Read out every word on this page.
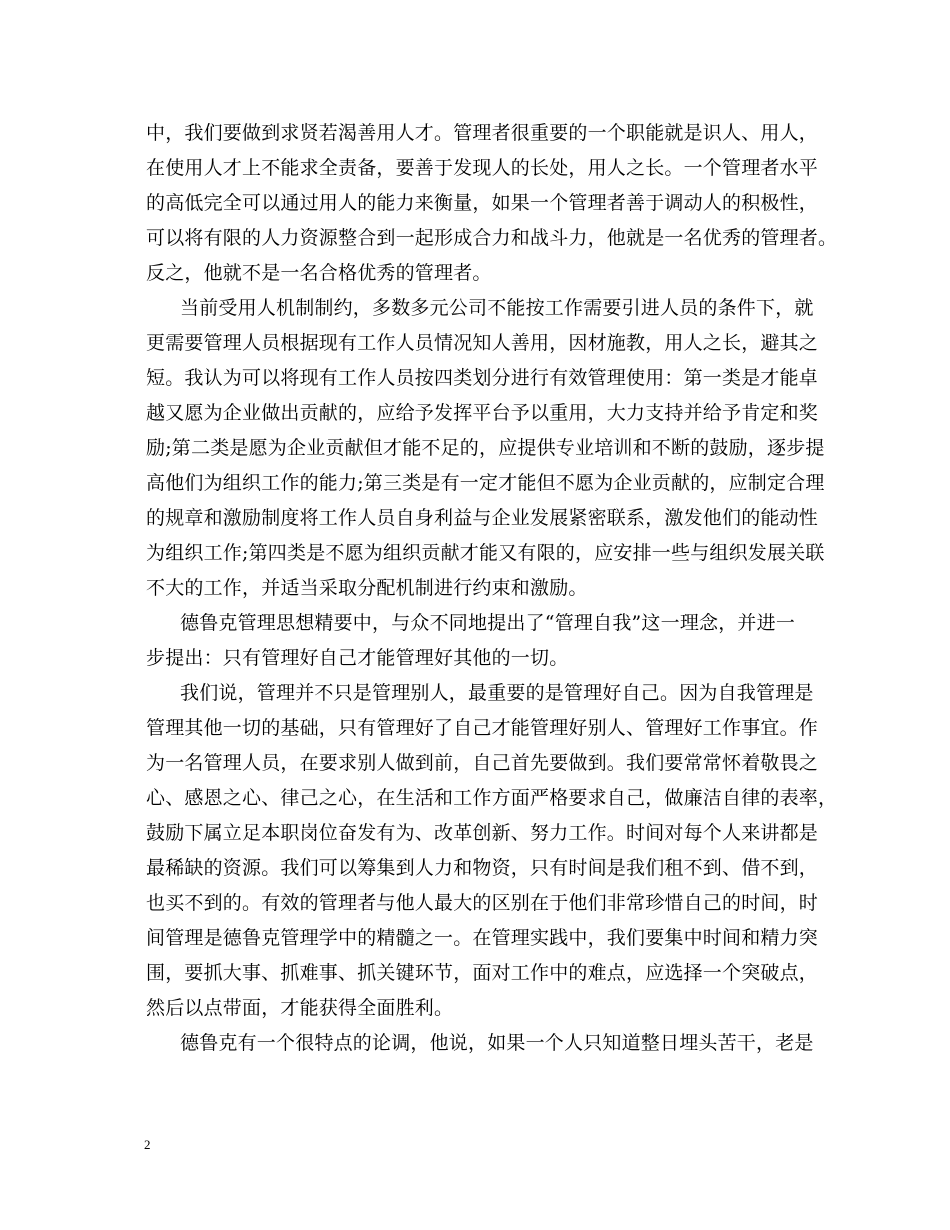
中，我们要做到求贤若渴善用人才。管理者很重要的一个职能就是识人、用人，
在使用人才上不能求全责备，要善于发现人的长处，用人之长。一个管理者水平
的高低完全可以通过用人的能力来衡量，如果一个管理者善于调动人的积极性，
可以将有限的人力资源整合到一起形成合力和战斗力，他就是一名优秀的管理者。
反之，他就不是一名合格优秀的管理者。
当前受用人机制制约，多数多元公司不能按工作需要引进人员的条件下，就
更需要管理人员根据现有工作人员情况知人善用，因材施教，用人之长，避其之
短。我认为可以将现有工作人员按四类划分进行有效管理使用：第一类是才能卓
越又愿为企业做出贡献的，应给予发挥平台予以重用，大力支持并给予肯定和奖
励;第二类是愿为企业贡献但才能不足的，应提供专业培训和不断的鼓励，逐步提
高他们为组织工作的能力;第三类是有一定才能但不愿为企业贡献的，应制定合理
的规章和激励制度将工作人员自身利益与企业发展紧密联系，激发他们的能动性
为组织工作;第四类是不愿为组织贡献才能又有限的，应安排一些与组织发展关联
不大的工作，并适当采取分配机制进行约束和激励。
德鲁克管理思想精要中，与众不同地提出了“管理自我”这一理念，并进一
步提出：只有管理好自己才能管理好其他的一切。
我们说，管理并不只是管理别人，最重要的是管理好自己。因为自我管理是
管理其他一切的基础，只有管理好了自己才能管理好别人、管理好工作事宜。作
为一名管理人员，在要求别人做到前，自己首先要做到。我们要常常怀着敬畏之
心、感恩之心、律己之心，在生活和工作方面严格要求自己，做廉洁自律的表率，
鼓励下属立足本职岗位奋发有为、改革创新、努力工作。时间对每个人来讲都是
最稀缺的资源。我们可以筹集到人力和物资，只有时间是我们租不到、借不到，
也买不到的。有效的管理者与他人最大的区别在于他们非常珍惜自己的时间，时
间管理是德鲁克管理学中的精髓之一。在管理实践中，我们要集中时间和精力突
围，要抓大事、抓难事、抓关键环节，面对工作中的难点，应选择一个突破点，
然后以点带面，才能获得全面胜利。
德鲁克有一个很特点的论调，他说，如果一个人只知道整日埋头苦干，老是
2
